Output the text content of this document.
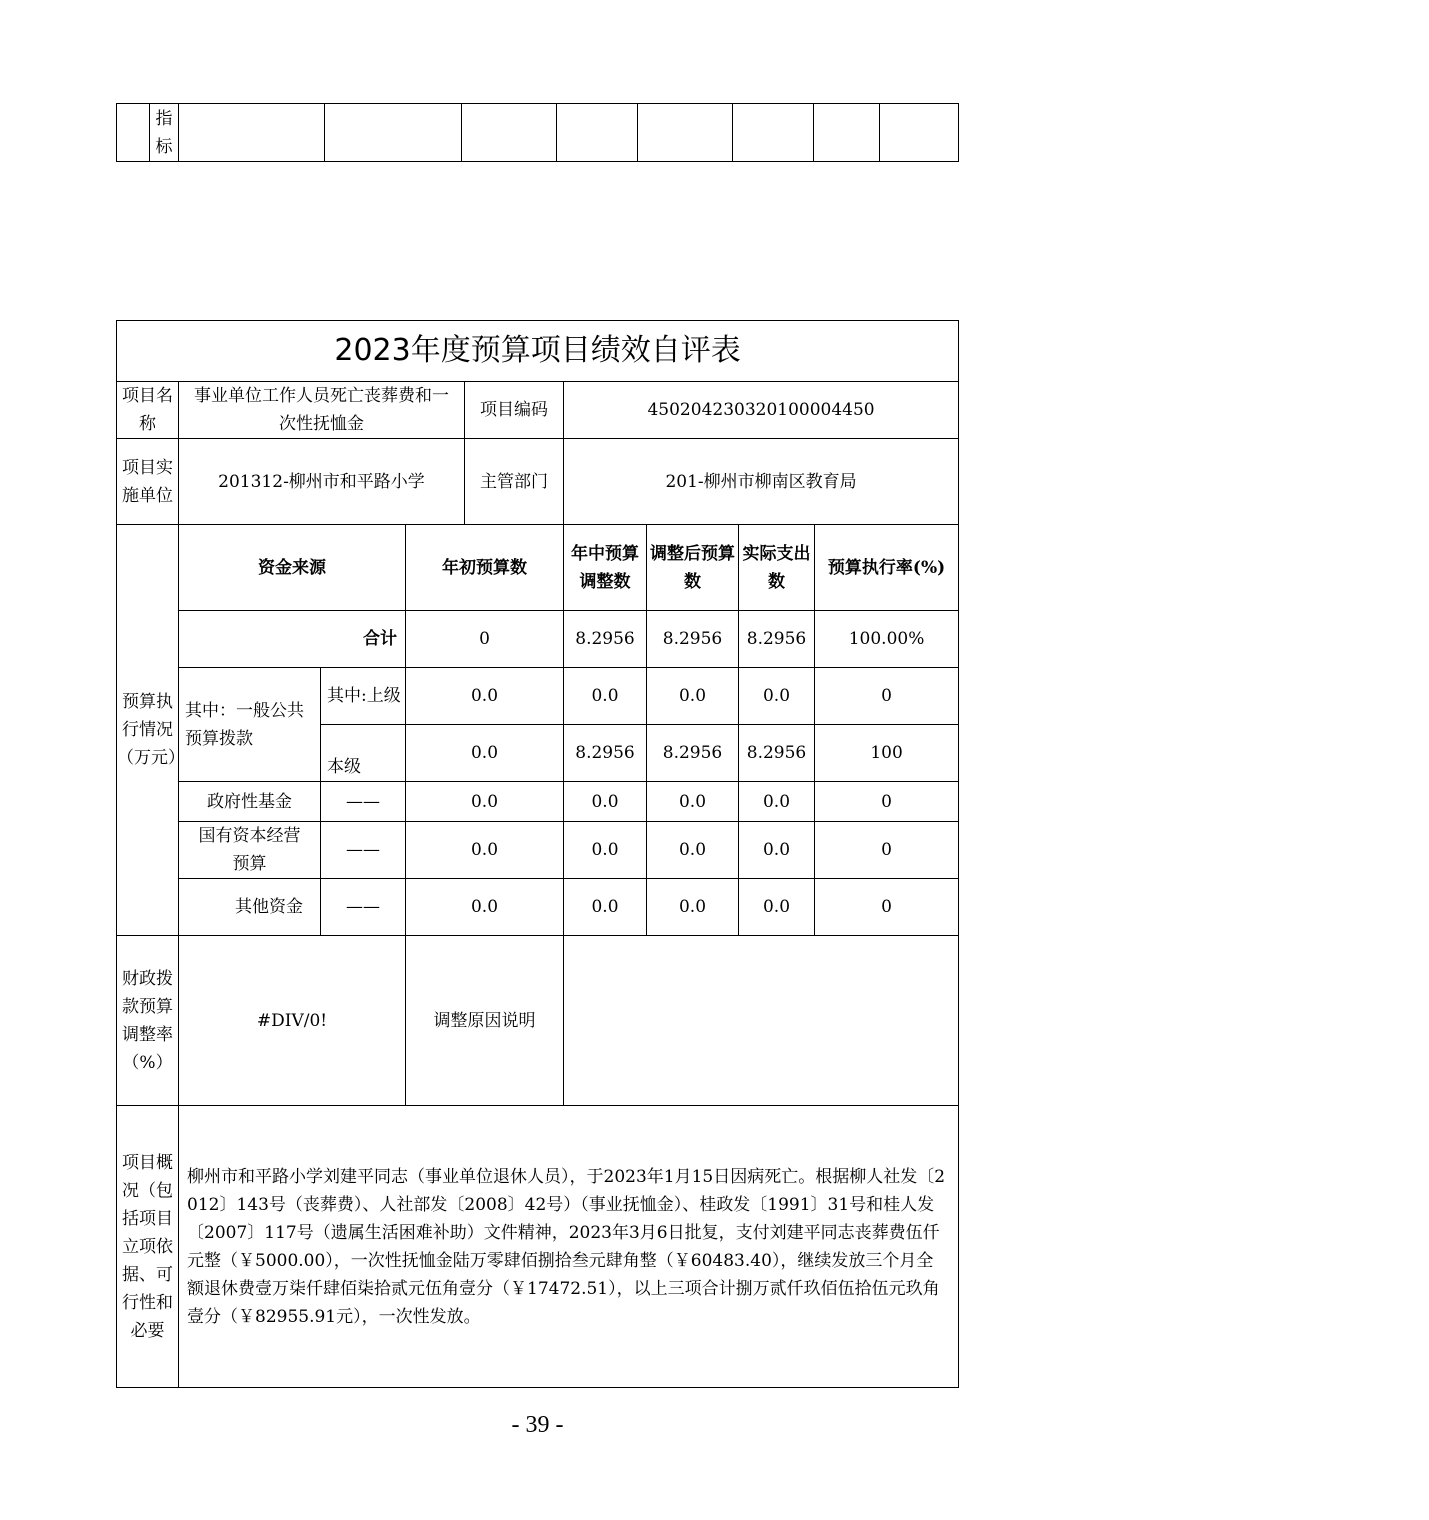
	指标								
2023年度预算项目绩效自评表								
项目名称	事业单位工作人员死亡丧葬费和一次性抚恤金			项目编码	450204230320100004450			
项目实施单位	201312-柳州市和平路小学			主管部门	201-柳州市柳南区教育局			
预算执行情况（万元）	资金来源		年初预算数		年中预算调整数	调整后预算数	实际支出数	预算执行率(%)
	合计		0		8.2956	8.2956	8.2956	100.00%
	其中：一般公共预算拨款	其中:上级	0.0		0.0	0.0	0.0	0
		本级	0.0		8.2956	8.2956	8.2956	100
	政府性基金	——	0.0		0.0	0.0	0.0	0
	国有资本经营预算	——	0.0		0.0	0.0	0.0	0
	其他资金	——	0.0		0.0	0.0	0.0	0
财政拨款预算调整率（%）	#DIV/0!		调整原因说明					
项目概况（包括项目立项依据、可行性和必要	柳州市和平路小学刘建平同志（事业单位退休人员），于2023年1月15日因病死亡。根据柳人社发〔2012〕143号（丧葬费）、人社部发〔2008〕42号）（事业抚恤金）、桂政发〔1991〕31号和桂人发〔2007〕117号（遗属生活困难补助）文件精神，2023年3月6日批复，支付刘建平同志丧葬费伍仟元整（￥5000.00），一次性抚恤金陆万零肆佰捌拾叁元肆角整（￥60483.40），继续发放三个月全额退休费壹万柒仟肆佰柒拾贰元伍角壹分（￥17472.51），以上三项合计捌万贰仟玖佰伍拾伍元玖角壹分（￥82955.91元），一次性发放。							
- 39 -
